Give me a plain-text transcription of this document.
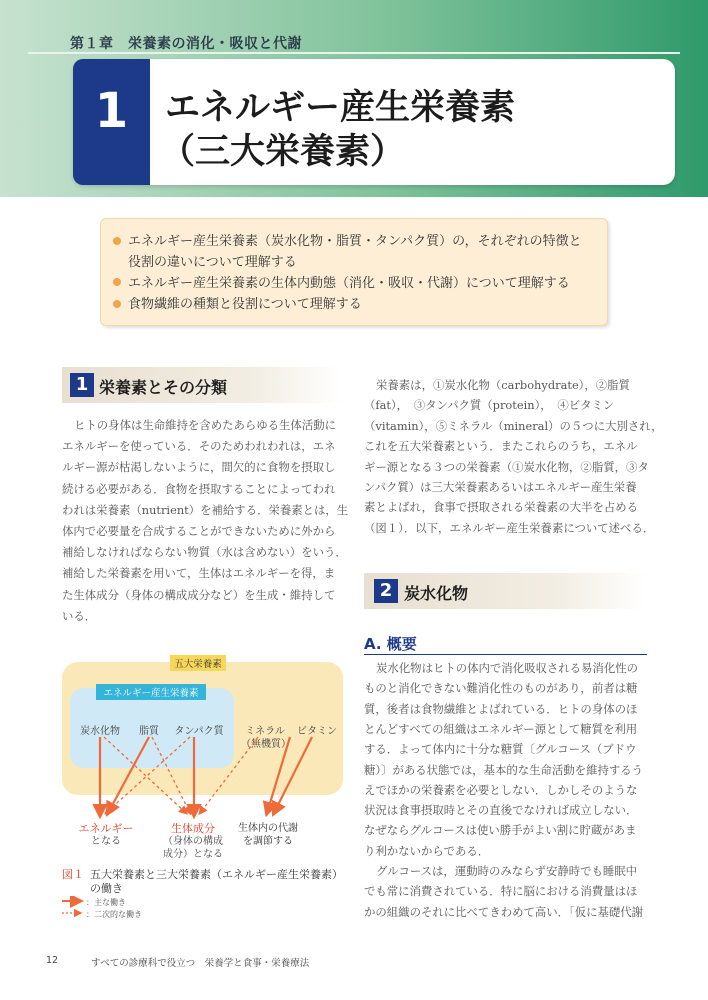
第１章　栄養素の消化・吸収と代謝
1	エネルギー産生栄養素
（三大栄養素）
エネルギー産生栄養素（炭水化物・脂質・タンパク質）の，それぞれの特徴と
役割の違いについて理解する
エネルギー産生栄養素の生体内動態（消化・吸収・代謝）について理解する
食物繊維の種類と役割について理解する
1 栄養素とその分類
2 炭水化物
A. 概要
五大栄養素
エネルギー産生栄養素
炭水化物	脂質	タンパク質	ミネラル
（無機質）
ビタミン
エネルギー
となる
生体成分
（身体の構成
成分）となる
生体内の代謝
を調節する
図１ 五大栄養素と三大栄養素（エネルギー産生栄養素）
の働き
：主な働き
：二次的な働き
12	すべての診療科で役立つ　栄養学と食事・栄養療法
ヒトの身体は生命維持を含めたあらゆる生体活動に
エネルギーを使っている．そのためわれわれは，エネ
ルギー源が枯渇しないように，間欠的に食物を摂取し
続ける必要がある．食物を摂取することによってわれ
われは栄養素（nutrient）を補給する．栄養素とは，生
体内で必要量を合成することができないために外から
補給しなければならない物質（水は含めない）をいう．
補給した栄養素を用いて，生体はエネルギーを得，ま
た生体成分（身体の構成成分など）を生成・維持して
いる．
栄養素は，①炭水化物（carbohydrate），②脂質
（fat），　③タンパク質（protein），　④ビタミン
（vitamin），⑤ミネラル（mineral）の５つに大別され，
これを五大栄養素という．またこれらのうち，エネル
ギー源となる３つの栄養素（①炭水化物，②脂質，③タ
ンパク質）は三大栄養素あるいはエネルギー産生栄養
素とよばれ，食事で摂取される栄養素の大半を占める
（図１）．以下，エネルギー産生栄養素について述べる．
炭水化物はヒトの体内で消化吸収される易消化性の
ものと消化できない難消化性のものがあり，前者は糖
質，後者は食物繊維とよばれている．ヒトの身体のほ
とんどすべての組織はエネルギー源として糖質を利用
する．よって体内に十分な糖質〔グルコース（ブドウ
糖）〕がある状態では，基本的な生命活動を維持するう
えでほかの栄養素を必要としない．しかしそのような
状況は食事摂取時とその直後でなければ成立しない．
なぜならグルコースは使い勝手がよい割に貯蔵があま
り利かないからである．
グルコースは，運動時のみならず安静時でも睡眠中
でも常に消費されている．特に脳における消費量はほ
かの組織のそれに比べてきわめて高い．「仮に基礎代謝
